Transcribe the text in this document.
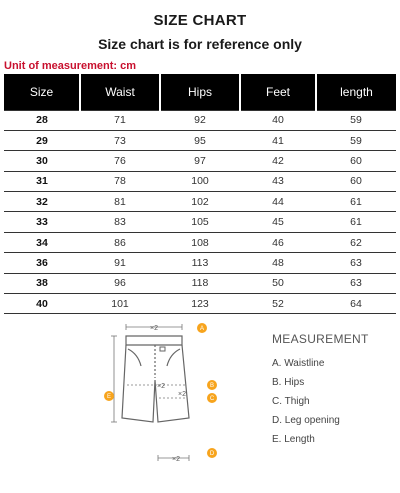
SIZE CHART
Size chart is for reference only
Unit of measurement: cm
Size	Waist	Hips	Feet	length
28	71	92	40	59
29	73	95	41	59
30	76	97	42	60
31	78	100	43	60
32	81	102	44	61
33	83	105	45	61
34	86	108	46	62
36	91	113	48	63
38	96	118	50	63
40	101	123	52	64
×2
×2
×2
×2
A
B
C
D
E
MEASUREMENT
A. Waistline
B. Hips
C. Thigh
D. Leg opening
E. Length
